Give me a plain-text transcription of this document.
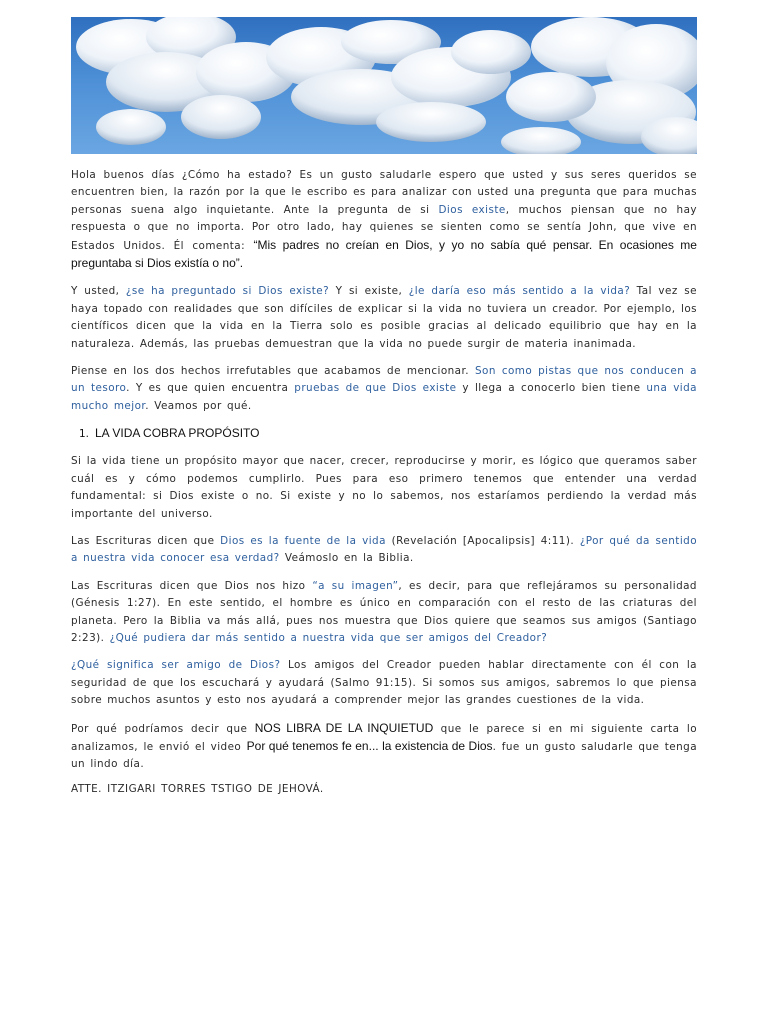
Hola buenos días ¿Cómo ha estado? Es un gusto saludarle espero que usted y sus seres queridos se encuentren bien, la razón por la que le escribo es para analizar con usted una pregunta que para muchas personas suena algo inquietante. Ante la pregunta de si Dios existe, muchos piensan que no hay respuesta o que no importa. Por otro lado, hay quienes se sienten como se sentía John, que vive en Estados Unidos. Él comenta: “Mis padres no creían en Dios, y yo no sabía qué pensar. En ocasiones me preguntaba si Dios existía o no”.

Y usted, ¿se ha preguntado si Dios existe? Y si existe, ¿le daría eso más sentido a la vida? Tal vez se haya topado con realidades que son difíciles de explicar si la vida no tuviera un creador. Por ejemplo, los científicos dicen que la vida en la Tierra solo es posible gracias al delicado equilibrio que hay en la naturaleza. Además, las pruebas demuestran que la vida no puede surgir de materia inanimada.

Piense en los dos hechos irrefutables que acabamos de mencionar. Son como pistas que nos conducen a un tesoro. Y es que quien encuentra pruebas de que Dios existe y llega a conocerlo bien tiene una vida mucho mejor. Veamos por qué.

1. LA VIDA COBRA PROPÓSITO

Si la vida tiene un propósito mayor que nacer, crecer, reproducirse y morir, es lógico que queramos saber cuál es y cómo podemos cumplirlo. Pues para eso primero tenemos que entender una verdad fundamental: si Dios existe o no. Si existe y no lo sabemos, nos estaríamos perdiendo la verdad más importante del universo.

Las Escrituras dicen que Dios es la fuente de la vida (Revelación [Apocalipsis] 4:11). ¿Por qué da sentido a nuestra vida conocer esa verdad? Veámoslo en la Biblia.

Las Escrituras dicen que Dios nos hizo “a su imagen”, es decir, para que reflejáramos su personalidad (Génesis 1:27). En este sentido, el hombre es único en comparación con el resto de las criaturas del planeta. Pero la Biblia va más allá, pues nos muestra que Dios quiere que seamos sus amigos (Santiago 2:23). ¿Qué pudiera dar más sentido a nuestra vida que ser amigos del Creador?

¿Qué significa ser amigo de Dios? Los amigos del Creador pueden hablar directamente con él con la seguridad de que los escuchará y ayudará (Salmo 91:15). Si somos sus amigos, sabremos lo que piensa sobre muchos asuntos y esto nos ayudará a comprender mejor las grandes cuestiones de la vida.

Por qué podríamos decir que NOS LIBRA DE LA INQUIETUD que le parece si en mi siguiente carta lo analizamos, le envió el video Por qué tenemos fe en... la existencia de Dios. fue un gusto saludarle que tenga un lindo día.

ATTE. ITZIGARI TORRES TSTIGO DE JEHOVÁ.
